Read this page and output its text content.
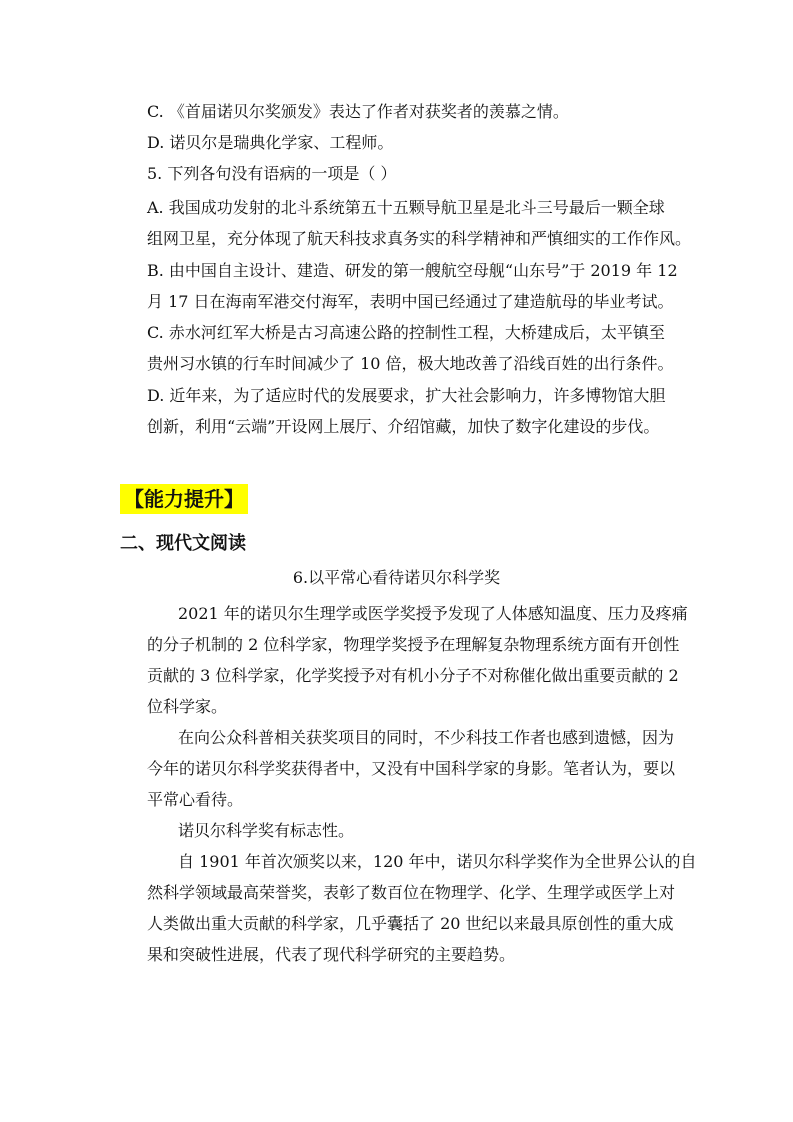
C. 《首届诺贝尔奖颁发》表达了作者对获奖者的羡慕之情。

D. 诺贝尔是瑞典化学家、工程师。

5. 下列各句没有语病的一项是（ ）

A. 我国成功发射的北斗系统第五十五颗导航卫星是北斗三号最后一颗全球

组网卫星，充分体现了航天科技求真务实的科学精神和严慎细实的工作作风。

B. 由中国自主设计、建造、研发的第一艘航空母舰“山东号”于 2019 年 12

月 17 日在海南军港交付海军，表明中国已经通过了建造航母的毕业考试。

C. 赤水河红军大桥是古习高速公路的控制性工程，大桥建成后，太平镇至

贵州习水镇的行车时间减少了 10 倍，极大地改善了沿线百姓的出行条件。

D. 近年来，为了适应时代的发展要求，扩大社会影响力，许多博物馆大胆

创新，利用“云端”开设网上展厅、介绍馆藏，加快了数字化建设的步伐。

【能力提升】

二、现代文阅读

6.以平常心看待诺贝尔科学奖

2021 年的诺贝尔生理学或医学奖授予发现了人体感知温度、压力及疼痛

的分子机制的 2 位科学家，物理学奖授予在理解复杂物理系统方面有开创性

贡献的 3 位科学家，化学奖授予对有机小分子不对称催化做出重要贡献的 2

位科学家。

在向公众科普相关获奖项目的同时，不少科技工作者也感到遗憾，因为

今年的诺贝尔科学奖获得者中，又没有中国科学家的身影。笔者认为，要以

平常心看待。

诺贝尔科学奖有标志性。

自 1901 年首次颁奖以来，120 年中，诺贝尔科学奖作为全世界公认的自

然科学领域最高荣誉奖，表彰了数百位在物理学、化学、生理学或医学上对

人类做出重大贡献的科学家，几乎囊括了 20 世纪以来最具原创性的重大成

果和突破性进展，代表了现代科学研究的主要趋势。
